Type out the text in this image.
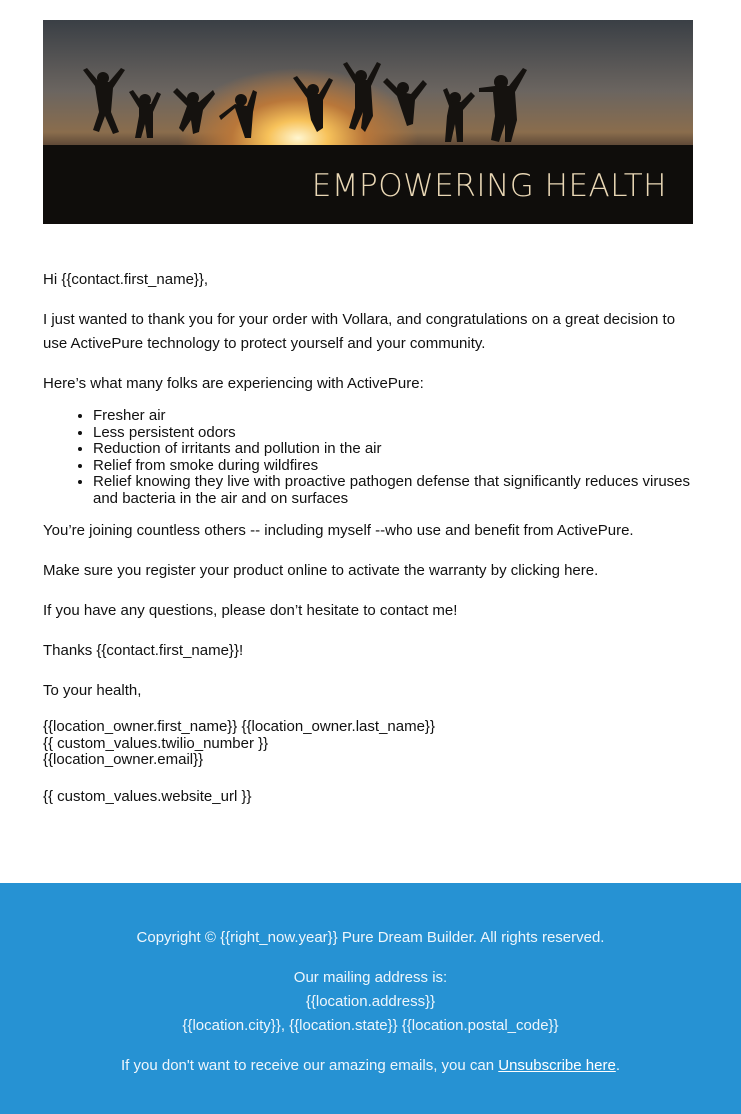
EMPOWERING HEALTH

Hi {{contact.first_name}},

I just wanted to thank you for your order with Vollara, and congratulations on a great decision to use ActivePure technology to protect yourself and your community.

Here’s what many folks are experiencing with ActivePure:

• Fresher air
• Less persistent odors
• Reduction of irritants and pollution in the air
• Relief from smoke during wildfires
• Relief knowing they live with proactive pathogen defense that significantly reduces viruses and bacteria in the air and on surfaces

You’re joining countless others -- including myself --who use and benefit from ActivePure.

Make sure you register your product online to activate the warranty by clicking here.

If you have any questions, please don’t hesitate to contact me!

Thanks {{contact.first_name}}!

To your health,

{{location_owner.first_name}} {{location_owner.last_name}}
{{ custom_values.twilio_number }}
{{location_owner.email}}

{{ custom_values.website_url }}

Copyright © {{right_now.year}} Pure Dream Builder. All rights reserved.

Our mailing address is:

{{location.address}}

{{location.city}}, {{location.state}} {{location.postal_code}}

If you don't want to receive our amazing emails, you can Unsubscribe here.
